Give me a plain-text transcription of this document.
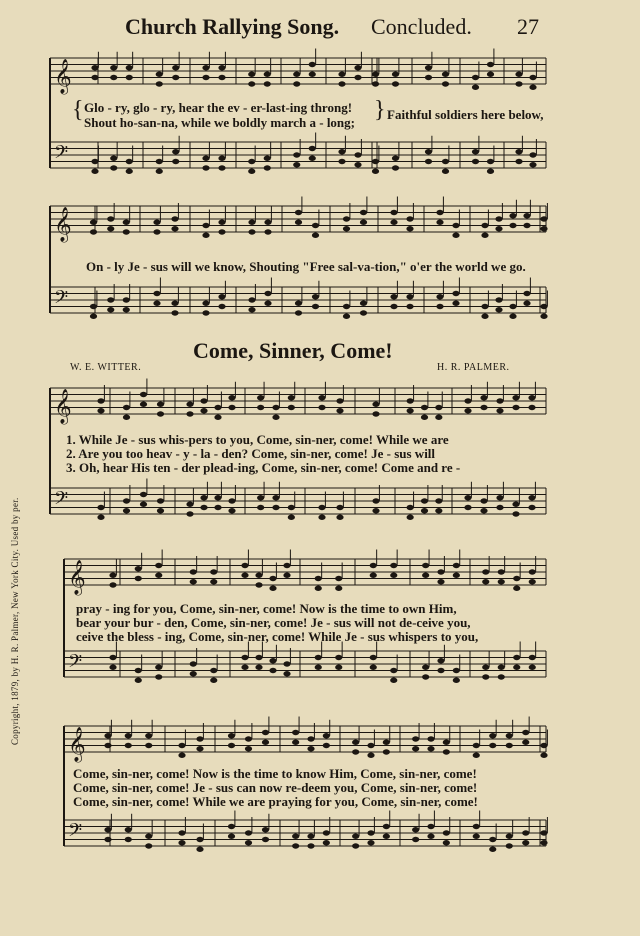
𝄞
𝄢
𝄞
𝄢
𝄞
𝄢
𝄞
𝄢
𝄞
𝄢
Church Rallying Song. Concluded. 27
{ Glo - ry, glo - ry, hear the ev - er-last-ing throng!
Shout ho-san-na, while we boldly march a - long; } Faithful soldiers here below,
On - ly Je - sus will we know, Shouting "Free sal-va-tion," o'er the world we go.
Come, Sinner, Come!
W. E. WITTER.	H. R. PALMER.
1. While Je - sus whis-pers to you, Come, sin-ner, come! While we are
2. Are you too heav - y - la - den? Come, sin-ner, come! Je - sus will
3. Oh, hear His ten - der plead-ing, Come, sin-ner, come! Come and re -
pray - ing for you, Come, sin-ner, come! Now is the time to own Him,
bear your bur - den, Come, sin-ner, come! Je - sus will not de-ceive you,
ceive the bless - ing, Come, sin-ner, come! While Je - sus whispers to you,
Come, sin-ner, come! Now is the time to know Him, Come, sin-ner, come!
Come, sin-ner, come! Je - sus can now re-deem you, Come, sin-ner, come!
Come, sin-ner, come! While we are praying for you, Come, sin-ner, come!
Copyright, 1879, by H. R. Palmer, New York City. Used by per.
